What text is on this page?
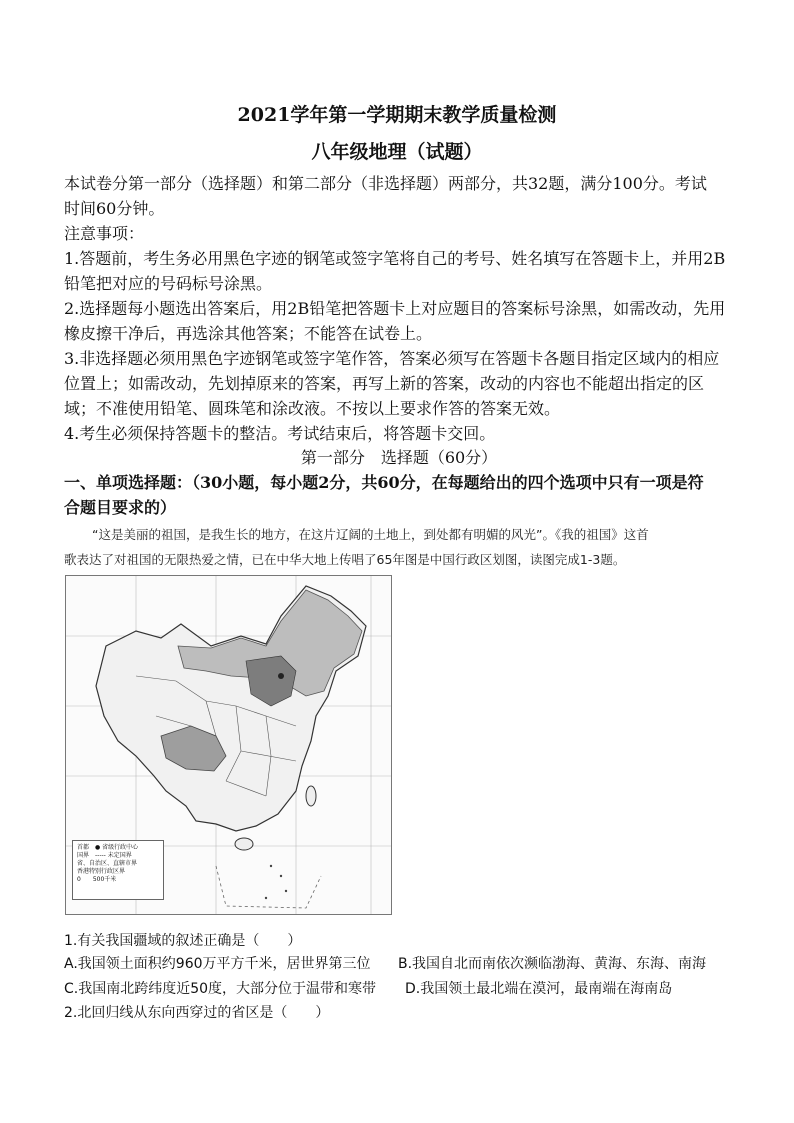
2021学年第一学期期末教学质量检测
八年级地理（试题）
本试卷分第一部分（选择题）和第二部分（非选择题）两部分，共32题，满分100分。考试
时间60分钟。
注意事项：
1.答题前，考生务必用黑色字迹的钢笔或签字笔将自己的考号、姓名填写在答题卡上，并用2B
铅笔把对应的号码标号涂黑。
2.选择题每小题选出答案后，用2B铅笔把答题卡上对应题目的答案标号涂黑，如需改动，先用
橡皮擦干净后，再选涂其他答案；不能答在试卷上。
3.非选择题必须用黑色字迹钢笔或签字笔作答，答案必须写在答题卡各题目指定区域内的相应
位置上；如需改动，先划掉原来的答案，再写上新的答案，改动的内容也不能超出指定的区
域；不准使用铅笔、圆珠笔和涂改液。不按以上要求作答的答案无效。
4.考生必须保持答题卡的整洁。考试结束后，将答题卡交回。
第一部分　选择题（60分）
一、单项选择题：（30小题，每小题2分，共60分，在每题给出的四个选项中只有一项是符
合题目要求的）
“这是美丽的祖国，是我生长的地方，在这片辽阔的土地上，到处都有明媚的风光”。《我的祖国》这首
歌表达了对祖国的无限热爱之情，已在中华大地上传唱了65年图是中国行政区划图，读图完成1-3题。
首都　● 省级行政中心
国界　----- 未定国界
省、自治区、直辖市界
香港特别行政区界
0　　500千米
1.有关我国疆域的叙述正确是（　　）
A.我国领土面积约960万平方千米，居世界第三位 B.我国自北而南依次濒临渤海、黄海、东海、南海
C.我国南北跨纬度近50度，大部分位于温带和寒带 D.我国领土最北端在漠河，最南端在海南岛
2.北回归线从东向西穿过的省区是（　　）
